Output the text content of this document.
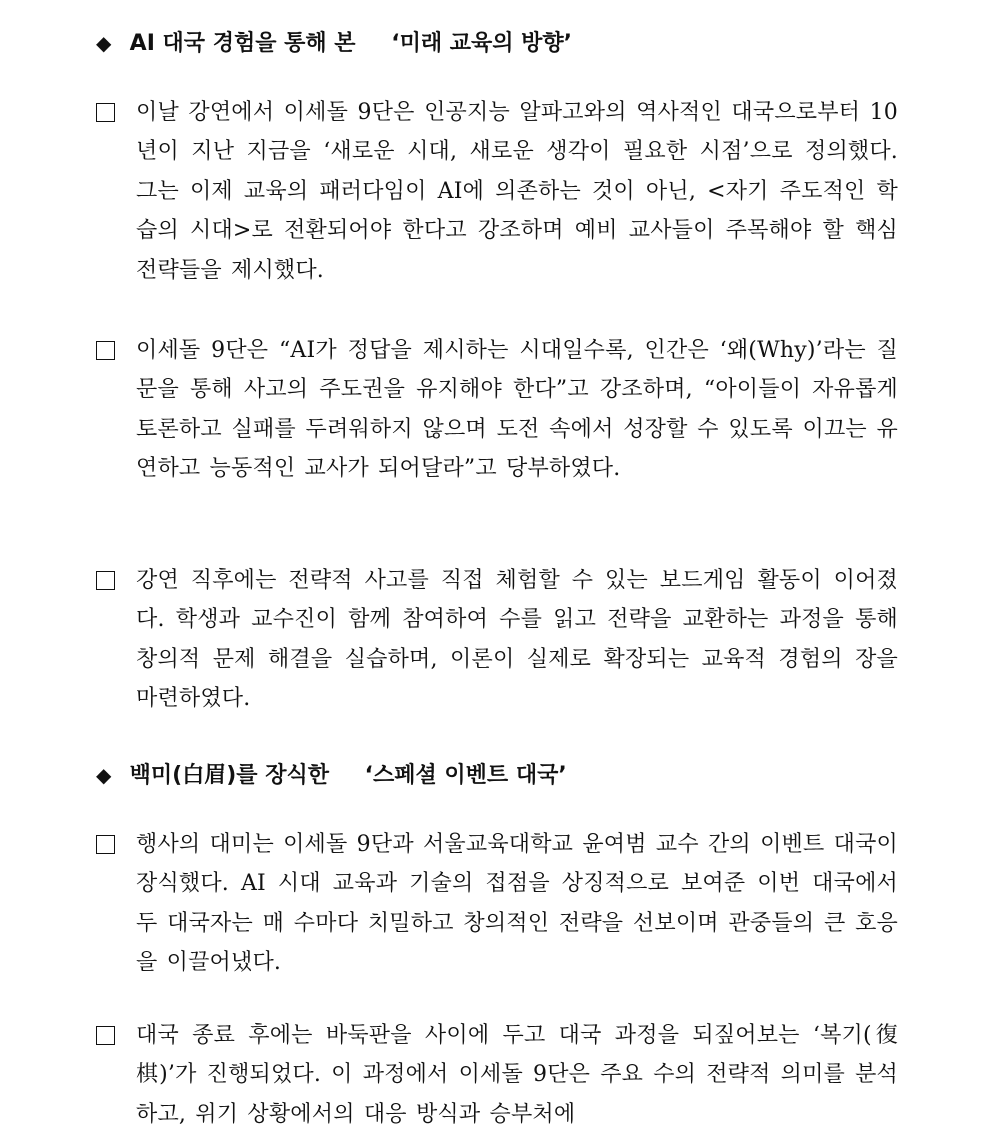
◆ AI 대국 경험을 통해 본 ‘미래 교육의 방향’
이날 강연에서 이세돌 9단은 인공지능 알파고와의 역사적인 대국으로부터 10년이 지난 지금을 ‘새로운 시대, 새로운 생각이 필요한 시점’으로 정의했다. 그는 이제 교육의 패러다임이 AI에 의존하는 것이 아닌, <자기 주도적인 학습의 시대>로 전환되어야 한다고 강조하며 예비 교사들이 주목해야 할 핵심 전략들을 제시했다.
이세돌 9단은 “AI가 정답을 제시하는 시대일수록, 인간은 ‘왜(Why)’라는 질문을 통해 사고의 주도권을 유지해야 한다”고 강조하며, “아이들이 자유롭게 토론하고 실패를 두려워하지 않으며 도전 속에서 성장할 수 있도록 이끄는 유연하고 능동적인 교사가 되어달라”고 당부하였다.
강연 직후에는 전략적 사고를 직접 체험할 수 있는 보드게임 활동이 이어졌다. 학생과 교수진이 함께 참여하여 수를 읽고 전략을 교환하는 과정을 통해 창의적 문제 해결을 실습하며, 이론이 실제로 확장되는 교육적 경험의 장을 마련하였다.
◆ 백미(白眉)를 장식한 ‘스페셜 이벤트 대국’
행사의 대미는 이세돌 9단과 서울교육대학교 윤여범 교수 간의 이벤트 대국이 장식했다. AI 시대 교육과 기술의 접점을 상징적으로 보여준 이번 대국에서 두 대국자는 매 수마다 치밀하고 창의적인 전략을 선보이며 관중들의 큰 호응을 이끌어냈다.
대국 종료 후에는 바둑판을 사이에 두고 대국 과정을 되짚어보는 ‘복기(復棋)’가 진행되었다. 이 과정에서 이세돌 9단은 주요 수의 전략적 의미를 분석하고, 위기 상황에서의 대응 방식과 승부처에
